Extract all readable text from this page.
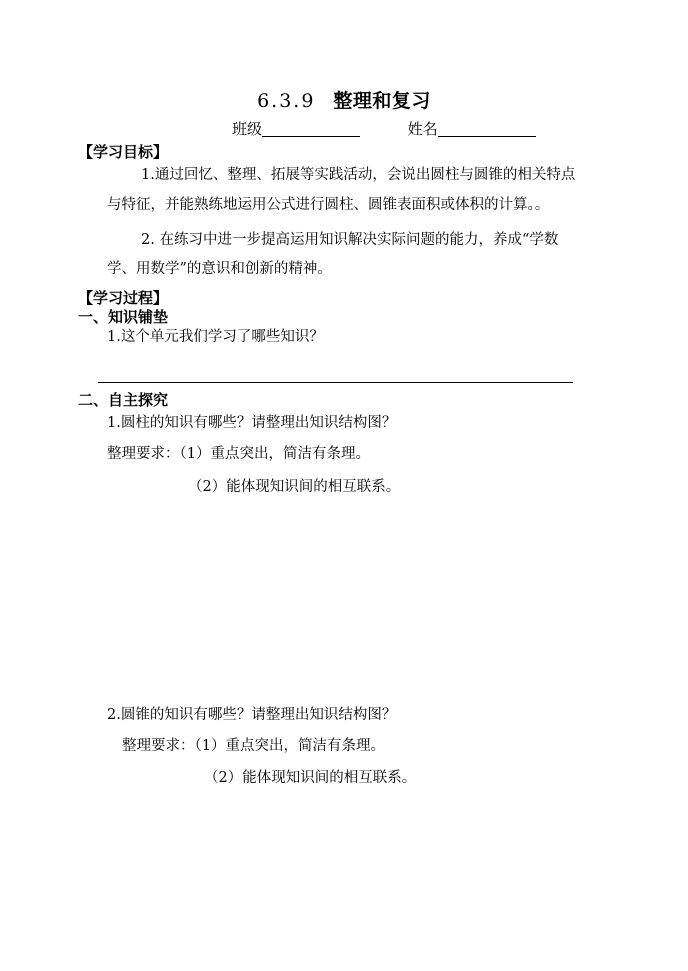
6.3.9 整理和复习
班级	姓名
【学习目标】
1.通过回忆、整理、拓展等实践活动，会说出圆柱与圆锥的相关特点
与特征，并能熟练地运用公式进行圆柱、圆锥表面积或体积的计算。。
2. 在练习中进一步提高运用知识解决实际问题的能力，养成“学数
学、用数学”的意识和创新的精神。
【学习过程】
一、知识铺垫
1.这个单元我们学习了哪些知识？
二、自主探究
1.圆柱的知识有哪些？请整理出知识结构图？
整理要求：（1）重点突出，简洁有条理。
（2）能体现知识间的相互联系。
2.圆锥的知识有哪些？请整理出知识结构图？
整理要求：（1）重点突出，简洁有条理。
（2）能体现知识间的相互联系。
